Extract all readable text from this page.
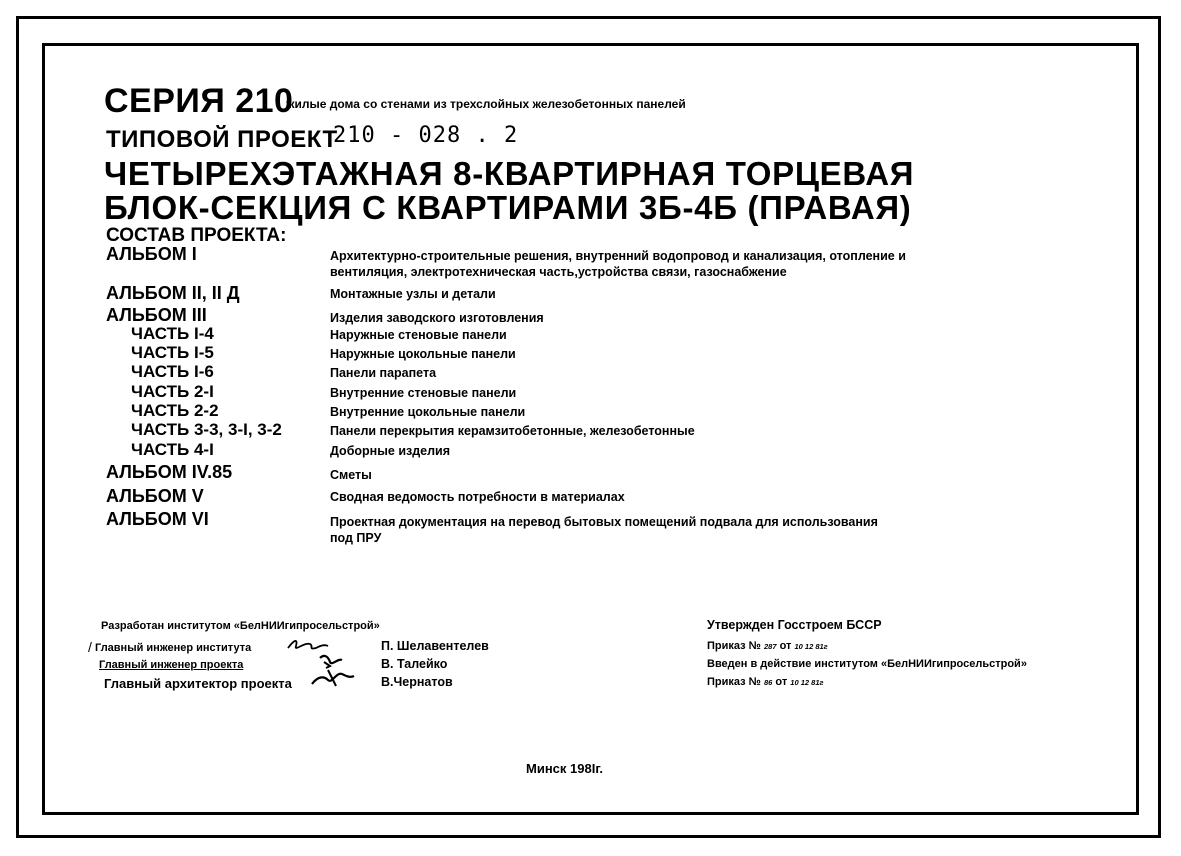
СЕРИЯ 210
жилые дома со стенами из трехслойных железобетонных панелей
ТИПОВОЙ ПРОЕКТ
210 - 028 . 2
ЧЕТЫРЕХЭТАЖНАЯ 8-КВАРТИРНАЯ ТОРЦЕВАЯ
БЛОК-СЕКЦИЯ С КВАРТИРАМИ 3Б-4Б (ПРАВАЯ)
СОСТАВ ПРОЕКТА:
АЛЬБОМ I	Архитектурно-строительные решения, внутренний водопровод и канализация, отопление и
вентиляция, электротехническая часть,устройства связи, газоснабжение
АЛЬБОМ II, II Д	Монтажные узлы и детали
АЛЬБОМ III	Изделия заводского изготовления
ЧАСТЬ I-4	Наружные стеновые панели
ЧАСТЬ I-5	Наружные цокольные панели
ЧАСТЬ I-6	Панели парапета
ЧАСТЬ 2-I	Внутренние стеновые панели
ЧАСТЬ 2-2	Внутренние цокольные панели
ЧАСТЬ 3-3, 3-I, 3-2	Панели перекрытия керамзитобетонные, железобетонные
ЧАСТЬ 4-I	Доборные изделия
АЛЬБОМ IV.85	Сметы
АЛЬБОМ V	Сводная ведомость потребности в материалах
АЛЬБОМ VI	Проектная документация на перевод бытовых помещений подвала для использования
под ПРУ
Разработан институтом «БелНИИгипросельстрой»
/ Главный инженер института	П. Шелавентелев
Главный инженер проекта	В. Талейко
Главный архитектор проекта	В.Чернатов
Утвержден Госстроем БССР
Приказ № 287 от 10 12 81г
Введен в действие институтом «БелНИИгипросельстрой»
Приказ № 86 от 10 12 81г
Минск 198Iг.
